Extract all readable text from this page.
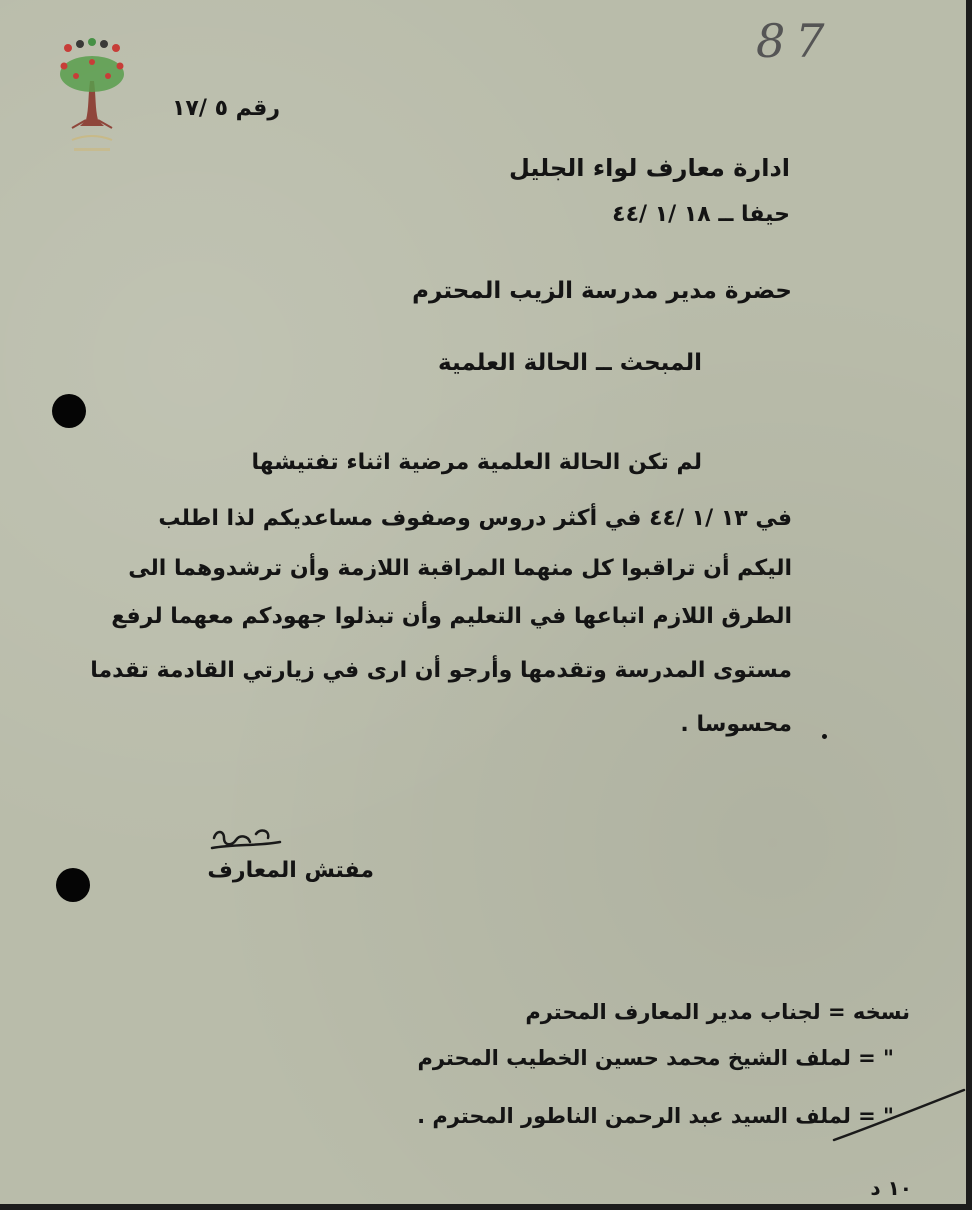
87
رقم ٥ /١٧
ادارة معارف لواء الجليل
حيفا ــ ١٨ /١ /٤٤
حضرة مدير مدرسة الزيب المحترم
المبحث ــ الحالة العلمية
لم تكن الحالة العلمية مرضية اثناء تفتيشها
في ١٣ /١ /٤٤ في أكثر دروس وصفوف مساعديكم لذا اطلب
اليكم أن تراقبوا كل منهما المراقبة اللازمة وأن ترشدوهما الى
الطرق اللازم اتباعها في التعليم وأن تبذلوا جهودكم معهما لرفع
مستوى المدرسة وتقدمها وأرجو أن ارى في زيارتي القادمة تقدما
محسوسا .
مفتش المعارف
نسخه = لجناب مدير المعارف المحترم
" = لملف الشيخ محمد حسين الخطيب المحترم
" = لملف السيد عبد الرحمن الناطور المحترم .
١٠ د
